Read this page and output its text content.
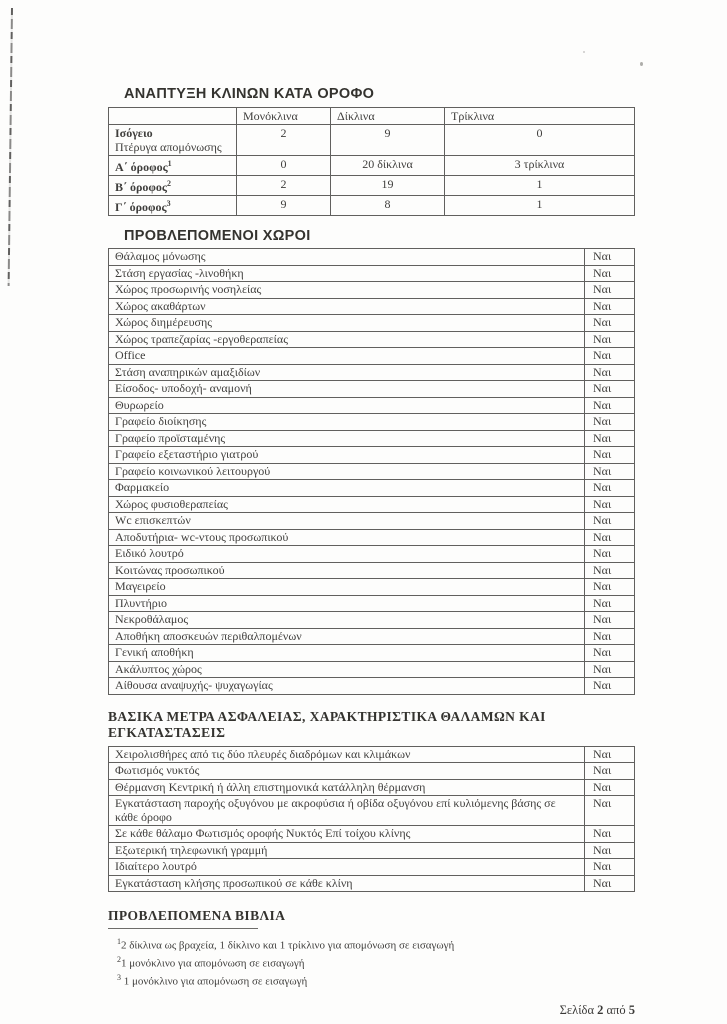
ΑΝΑΠΤΥΞΗ ΚΛΙΝΩΝ ΚΑΤΑ ΟΡΟΦΟ
	Μονόκλινα	Δίκλινα	Τρίκλινα
Ισόγειο
Πτέρυγα απομόνωσης	2	9	0
Α΄ όροφος$^1$	0	20 δίκλινα	3 τρίκλινα
Β΄ όροφος$^2$	2	19	1
Γ΄ όροφος$^3$	9	8	1
ΠΡΟΒΛΕΠΟΜΕΝΟΙ ΧΩΡΟΙ
Θάλαμος μόνωσης	Ναι
Στάση εργασίας -λινοθήκη	Ναι
Χώρος προσωρινής νοσηλείας	Ναι
Χώρος ακαθάρτων	Ναι
Χώρος διημέρευσης	Ναι
Χώρος τραπεζαρίας -εργοθεραπείας	Ναι
Office	Ναι
Στάση αναπηρικών αμαξιδίων	Ναι
Είσοδος- υποδοχή- αναμονή	Ναι
Θυρωρείο	Ναι
Γραφείο διοίκησης	Ναι
Γραφείο προϊσταμένης	Ναι
Γραφείο εξεταστήριο γιατρού	Ναι
Γραφείο κοινωνικού λειτουργού	Ναι
Φαρμακείο	Ναι
Χώρος φυσιοθεραπείας	Ναι
Wc επισκεπτών	Ναι
Αποδυτήρια- wc-ντους προσωπικού	Ναι
Ειδικό λουτρό	Ναι
Κοιτώνας προσωπικού	Ναι
Μαγειρείο	Ναι
Πλυντήριο	Ναι
Νεκροθάλαμος	Ναι
Αποθήκη αποσκευών περιθαλπομένων	Ναι
Γενική αποθήκη	Ναι
Ακάλυπτος χώρος	Ναι
Αίθουσα αναψυχής- ψυχαγωγίας	Ναι
ΒΑΣΙΚΑ ΜΕΤΡΑ ΑΣΦΑΛΕΙΑΣ, ΧΑΡΑΚΤΗΡΙΣΤΙΚΑ ΘΑΛΑΜΩΝ ΚΑΙ ΕΓΚΑΤΑΣΤΑΣΕΙΣ
Χειρολισθήρες από τις δύο πλευρές διαδρόμων και κλιμάκων	Ναι
Φωτισμός νυκτός	Ναι
Θέρμανση Κεντρική ή άλλη επιστημονικά κατάλληλη θέρμανση	Ναι
Εγκατάσταση παροχής οξυγόνου με ακροφύσια ή οβίδα οξυγόνου επί κυλιόμενης βάσης σε κάθε όροφο	Ναι
Σε κάθε θάλαμο Φωτισμός οροφής Νυκτός Επί τοίχου κλίνης	Ναι
Εξωτερική τηλεφωνική γραμμή	Ναι
Ιδιαίτερο λουτρό	Ναι
Εγκατάσταση κλήσης προσωπικού σε κάθε κλίνη	Ναι
ΠΡΟΒΛΕΠΟΜΕΝΑ ΒΙΒΛΙΑ
$^1$2 δίκλινα ως βραχεία, 1 δίκλινο και 1 τρίκλινο για απομόνωση σε εισαγωγή
$^2$1 μονόκλινο για απομόνωση σε εισαγωγή
$^3$ 1 μονόκλινο για απομόνωση σε εισαγωγή
Σελίδα 2 από 5
